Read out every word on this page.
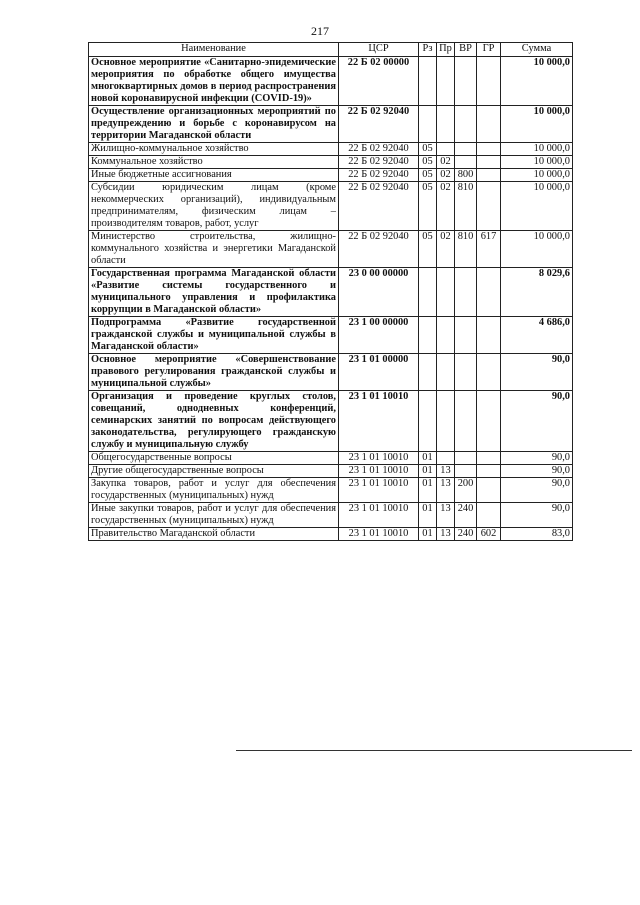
217
Наименование	ЦСР	Рз	Пр	ВР	ГР	Сумма
Основное мероприятие «Санитарно-эпидемические мероприятия по обработке общего имущества многоквартирных домов в период распространения новой коронавирусной инфекции (COVID-19)»	22 Б 02 00000					10 000,0
Осуществление организационных мероприятий по предупреждению и борьбе с коронавирусом на территории Магаданской области	22 Б 02 92040					10 000,0
Жилищно-коммунальное хозяйство	22 Б 02 92040	05				10 000,0
Коммунальное хозяйство	22 Б 02 92040	05	02			10 000,0
Иные бюджетные ассигнования	22 Б 02 92040	05	02	800		10 000,0
Субсидии юридическим лицам (кроме некоммерческих организаций), индивидуальным предпринимателям, физическим лицам – производителям товаров, работ, услуг	22 Б 02 92040	05	02	810		10 000,0
Министерство строительства, жилищно-коммунального хозяйства и энергетики Магаданской области	22 Б 02 92040	05	02	810	617	10 000,0
Государственная программа Магаданской области «Развитие системы государственного и муниципального управления и профилактика коррупции в Магаданской области»	23 0 00 00000					8 029,6
Подпрограмма «Развитие государственной гражданской службы и муниципальной службы в Магаданской области»	23 1 00 00000					4 686,0
Основное мероприятие «Совершенствование правового регулирования гражданской службы и муниципальной службы»	23 1 01 00000					90,0
Организация и проведение круглых столов, совещаний, однодневных конференций, семинарских занятий по вопросам действующего законодательства, регулирующего гражданскую службу и муниципальную службу	23 1 01 10010					90,0
Общегосударственные вопросы	23 1 01 10010	01				90,0
Другие общегосударственные вопросы	23 1 01 10010	01	13			90,0
Закупка товаров, работ и услуг для обеспечения государственных (муниципальных) нужд	23 1 01 10010	01	13	200		90,0
Иные закупки товаров, работ и услуг для обеспечения государственных (муниципальных) нужд	23 1 01 10010	01	13	240		90,0
Правительство Магаданской области	23 1 01 10010	01	13	240	602	83,0
